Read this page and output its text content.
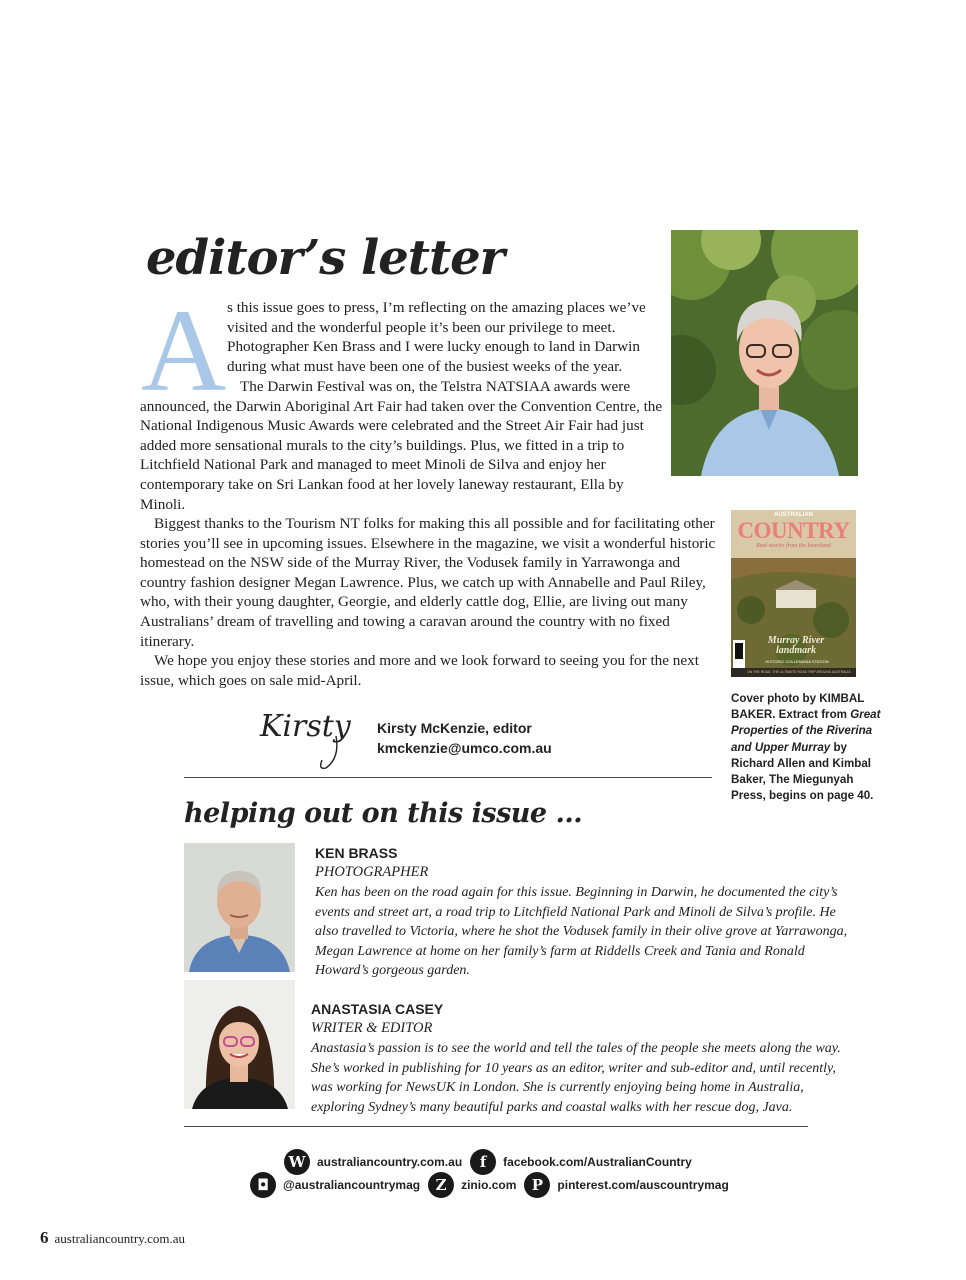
editor’s letter
A s this issue goes to press, I’m reflecting on the amazing places we’ve visited and the wonderful people it’s been our privilege to meet. Photographer Ken Brass and I were lucky enough to land in Darwin during what must have been one of the busiest weeks of the year.
The Darwin Festival was on, the Telstra NATSIAA awards were announced, the Darwin Aboriginal Art Fair had taken over the Convention Centre, the National Indigenous Music Awards were celebrated and the Street Air Fair had just added more sensational murals to the city’s buildings. Plus, we fitted in a trip to Litchfield National Park and managed to meet Minoli de Silva and enjoy her contemporary take on Sri Lankan food at her lovely laneway restaurant, Ella by Minoli.
Biggest thanks to the Tourism NT folks for making this all possible and for facilitating other stories you’ll see in upcoming issues. Elsewhere in the magazine, we visit a wonderful historic homestead on the NSW side of the Murray River, the Vodusek family in Yarrawonga and country fashion designer Megan Lawrence. Plus, we catch up with Annabelle and Paul Riley, who, with their young daughter, Georgie, and elderly cattle dog, Ellie, are living out many Australians’ dream of travelling and towing a caravan around the country with no fixed itinerary.
We hope you enjoy these stories and more and we look forward to seeing you for the next issue, which goes on sale mid-April.
AUSTRALIAN
COUNTRY
Real stories from the heartland
Murray River landmark
HISTORIC COLLENDINA STATION
ON THE ROAD: THE ULTIMATE ROAD TRIP AROUND AUSTRALIA
Cover photo by KIMBAL BAKER. Extract from Great Properties of the Riverina and Upper Murray by Richard Allen and Kimbal Baker, The Miegunyah Press, begins on page 40.
Kirsty Kirsty McKenzie, editor
kmckenzie@umco.com.au
helping out on this issue ...
KEN BRASS
PHOTOGRAPHER
Ken has been on the road again for this issue. Beginning in Darwin, he documented the city’s events and street art, a road trip to Litchfield National Park and Minoli de Silva’s profile. He also travelled to Victoria, where he shot the Vodusek family in their olive grove at Yarrawonga, Megan Lawrence at home on her family’s farm at Riddells Creek and Tania and Ronald Howard’s gorgeous garden.
ANASTASIA CASEY
WRITER & EDITOR
Anastasia’s passion is to see the world and tell the tales of the people she meets along the way. She’s worked in publishing for 10 years as an editor, writer and sub-editor and, until recently, was working for NewsUK in London. She is currently enjoying being home in Australia, exploring Sydney’s many beautiful parks and coastal walks with her rescue dog, Java.
W australiancountry.com.au	f	facebook.com/AustralianCountry
◘	@australiancountrymag	Z	zinio.com	P	pinterest.com/auscountrymag
6 australiancountry.com.au
